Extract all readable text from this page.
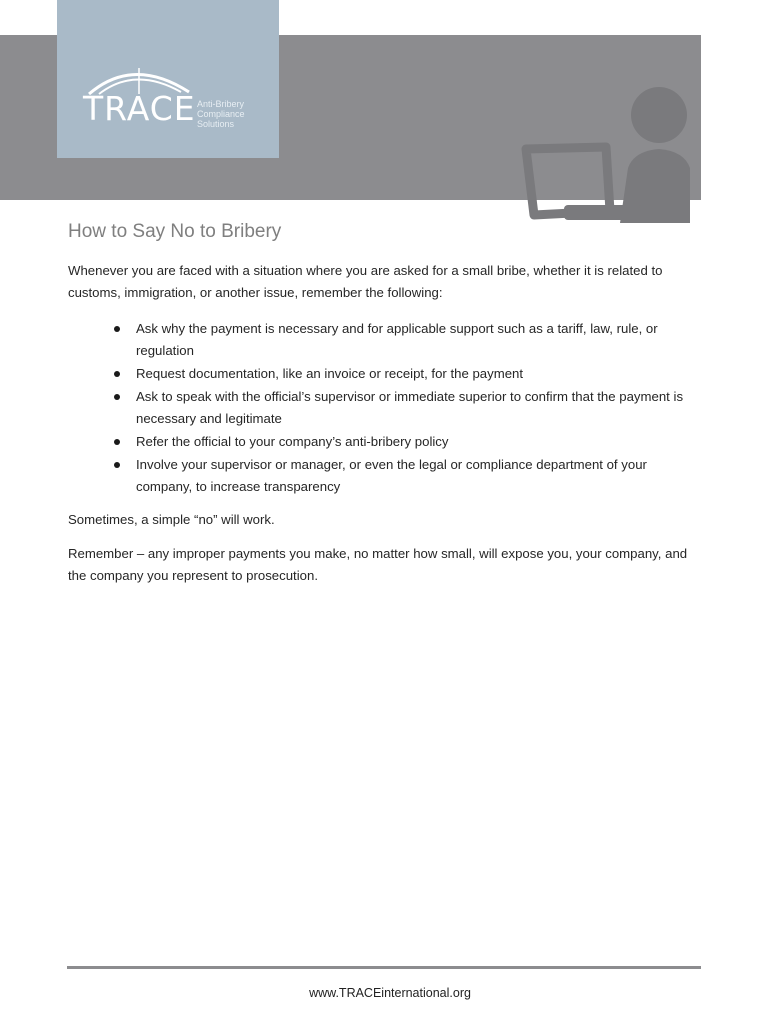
TRACE Anti-Bribery Compliance Solutions
How to Say No to Bribery

Whenever you are faced with a situation where you are asked for a small bribe, whether it is related to customs, immigration, or another issue, remember the following:

Ask why the payment is necessary and for applicable support such as a tariff, law, rule, or regulation
Request documentation, like an invoice or receipt, for the payment
Ask to speak with the official’s supervisor or immediate superior to confirm that the payment is necessary and legitimate
Refer the official to your company’s anti-bribery policy
Involve your supervisor or manager, or even the legal or compliance department of your company, to increase transparency

Sometimes, a simple “no” will work.

Remember – any improper payments you make, no matter how small, will expose you, your company, and the company you represent to prosecution.

www.TRACEinternational.org
